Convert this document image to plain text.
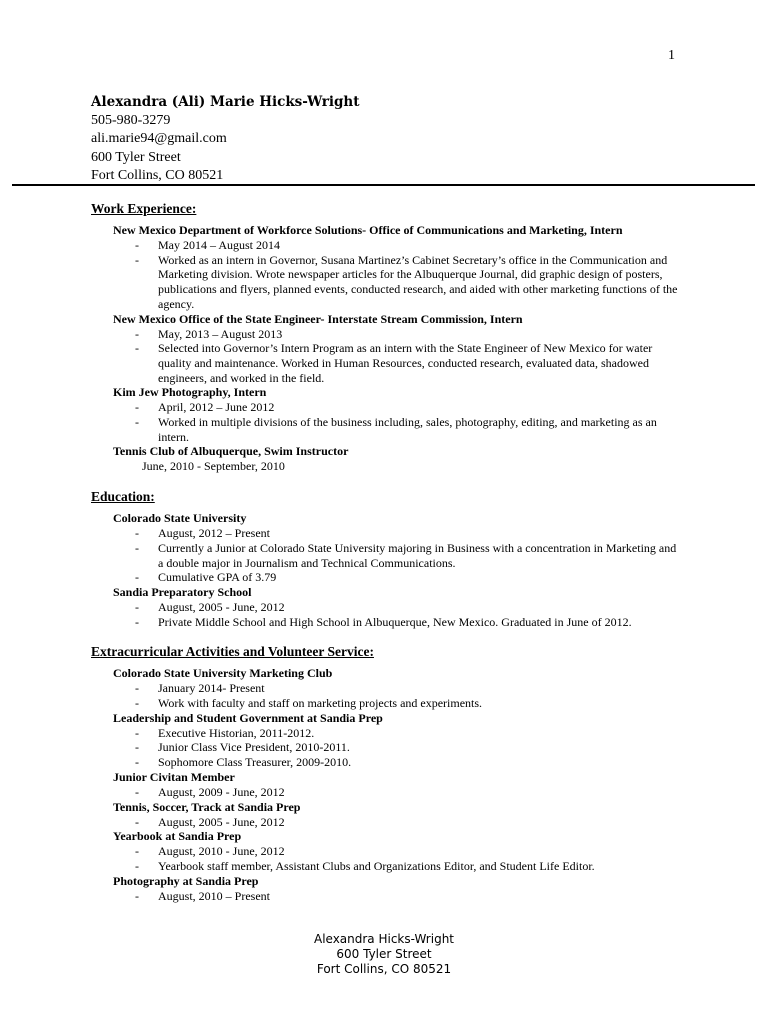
1
Alexandra (Ali) Marie Hicks-Wright
505-980-3279
ali.marie94@gmail.com
600 Tyler Street
Fort Collins, CO 80521
Work Experience:
New Mexico Department of Workforce Solutions- Office of Communications and Marketing, Intern
- May 2014 – August 2014
- Worked as an intern in Governor, Susana Martinez’s Cabinet Secretary’s office in the Communication and Marketing division. Wrote newspaper articles for the Albuquerque Journal, did graphic design of posters, publications and flyers, planned events, conducted research, and aided with other marketing functions of the agency.
New Mexico Office of the State Engineer- Interstate Stream Commission, Intern
- May, 2013 – August 2013
- Selected into Governor’s Intern Program as an intern with the State Engineer of New Mexico for water quality and maintenance. Worked in Human Resources, conducted research, evaluated data, shadowed engineers, and worked in the field.
Kim Jew Photography, Intern
- April, 2012 – June 2012
- Worked in multiple divisions of the business including, sales, photography, editing, and marketing as an intern.
Tennis Club of Albuquerque, Swim Instructor
June, 2010 - September, 2010
Education:
Colorado State University
- August, 2012 – Present
- Currently a Junior at Colorado State University majoring in Business with a concentration in Marketing and a double major in Journalism and Technical Communications.
- Cumulative GPA of 3.79
Sandia Preparatory School
- August, 2005 - June, 2012
- Private Middle School and High School in Albuquerque, New Mexico. Graduated in June of 2012.
Extracurricular Activities and Volunteer Service:
Colorado State University Marketing Club
- January 2014- Present
- Work with faculty and staff on marketing projects and experiments.
Leadership and Student Government at Sandia Prep
- Executive Historian, 2011-2012.
- Junior Class Vice President, 2010-2011.
- Sophomore Class Treasurer, 2009-2010.
Junior Civitan Member
- August, 2009 - June, 2012
Tennis, Soccer, Track at Sandia Prep
- August, 2005 - June, 2012
Yearbook at Sandia Prep
- August, 2010 - June, 2012
- Yearbook staff member, Assistant Clubs and Organizations Editor, and Student Life Editor.
Photography at Sandia Prep
- August, 2010 – Present
Alexandra Hicks-Wright
600 Tyler Street
Fort Collins, CO 80521
